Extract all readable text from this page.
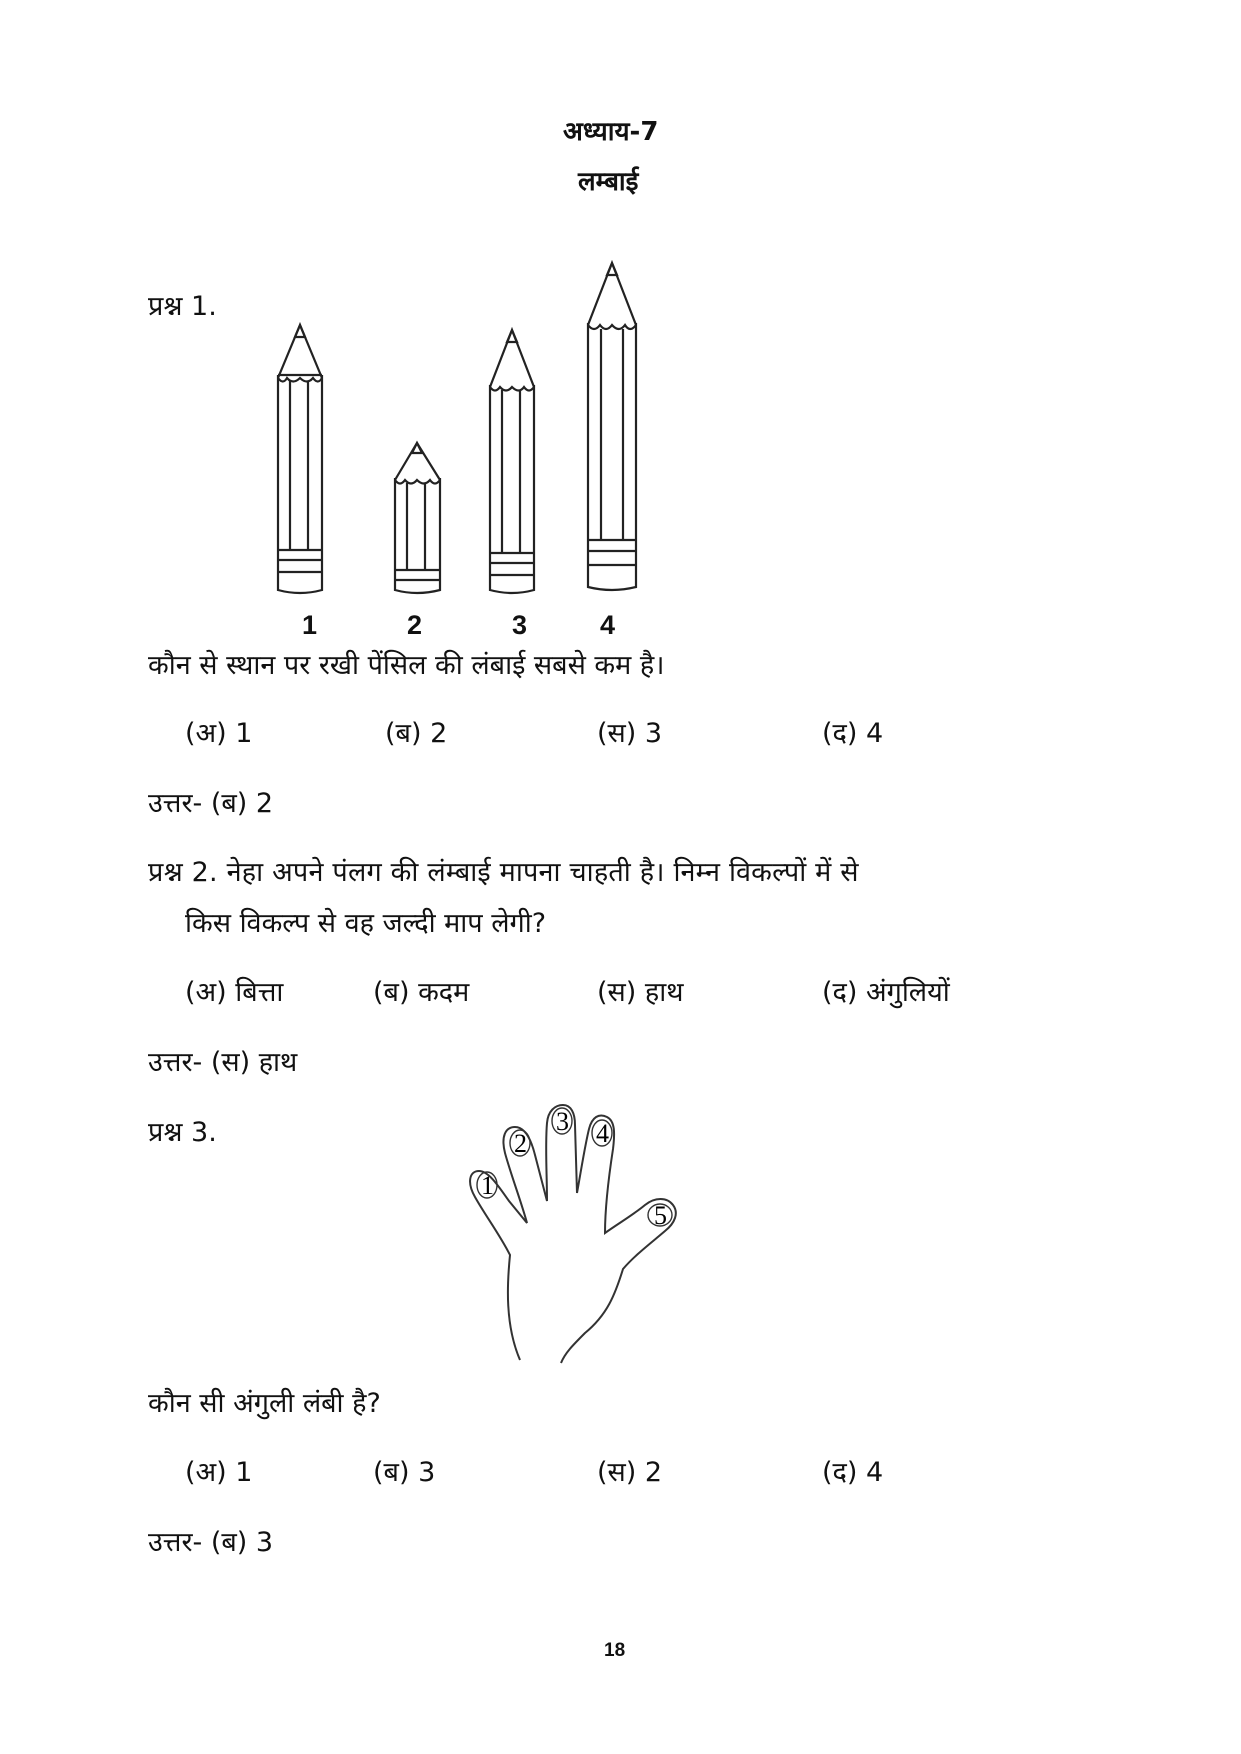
अध्याय-7
लम्बाई
प्रश्न 1.
1	2	3	4
कौन से स्थान पर रखी पेंसिल की लंबाई सबसे कम है।
(अ) 1	(ब) 2	(स) 3	(द) 4
उत्तर- (ब) 2
प्रश्न 2. नेहा अपने पंलग की लंम्बाई मापना चाहती है। निम्न विकल्पों में से
किस विकल्प से वह जल्दी माप लेगी?
(अ) बित्ता	(ब) कदम	(स) हाथ	(द) अंगुलियों
उत्तर- (स) हाथ
प्रश्न 3.
1
2
3 4
5
कौन सी अंगुली लंबी है?
(अ) 1	(ब) 3	(स) 2	(द) 4
उत्तर- (ब) 3
18
